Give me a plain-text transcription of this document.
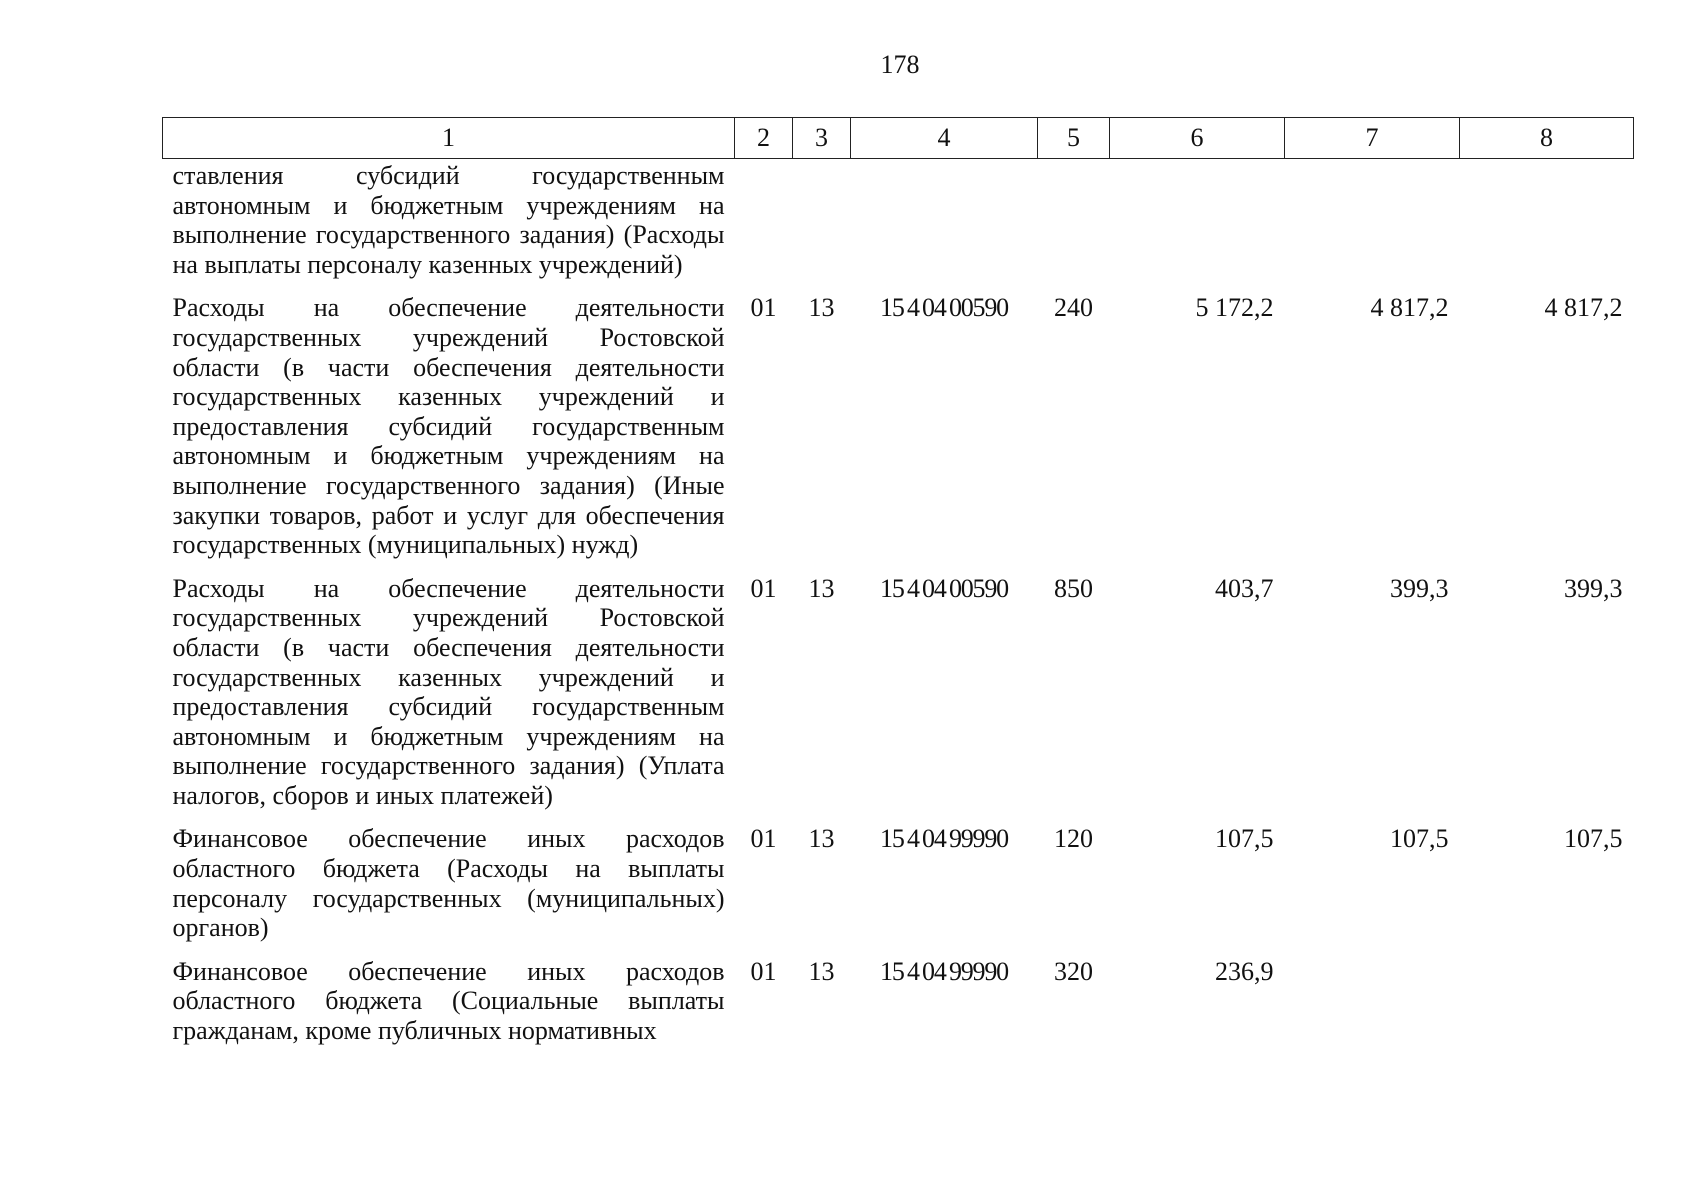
178
1	2	3	4	5	6	7	8
ставления субсидий государственным автономным и бюджетным учреждениям на выполнение государственного задания) (Расходы на выплаты персоналу казенных учреждений)							
Расходы на обеспечение деятельности государственных учреждений Ростовской области (в части обеспечения деятельности государственных казенных учреждений и предоставления субсидий государственным автономным и бюджетным учреждениям на выполнение государственного задания) (Иные закупки товаров, работ и услуг для обеспечения государственных (муниципальных) нужд)	01	13	15 4 04 00590	240	5 172,2	4 817,2	4 817,2
Расходы на обеспечение деятельности государственных учреждений Ростовской области (в части обеспечения деятельности государственных казенных учреждений и предоставления субсидий государственным автономным и бюджетным учреждениям на выполнение государственного задания) (Уплата налогов, сборов и иных платежей)	01	13	15 4 04 00590	850	403,7	399,3	399,3
Финансовое обеспечение иных расходов областного бюджета (Расходы на выплаты персоналу государственных (муниципальных) органов)	01	13	15 4 04 99990	120	107,5	107,5	107,5
Финансовое обеспечение иных расходов областного бюджета (Социальные выплаты гражданам, кроме публичных нормативных	01	13	15 4 04 99990	320	236,9		
